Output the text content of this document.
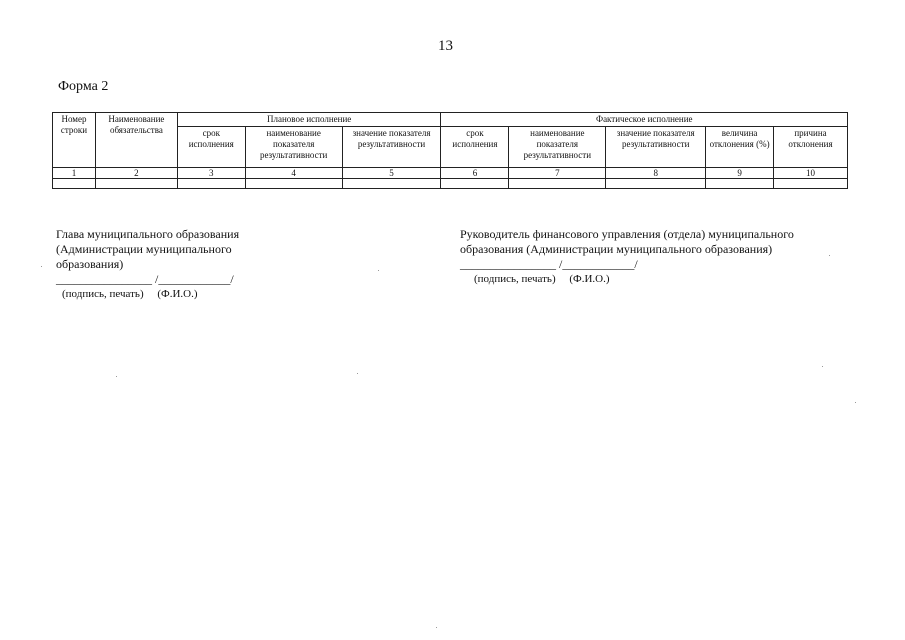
13
Форма 2
Номер строки	Наименование обязательства	Плановое исполнение			Фактическое исполнение				
		срок исполнения	наименование показателя результативности	значение показателя результативности	срок исполнения	наименование показателя результативности	значение показателя результативности	величина отклонения (%)	причина отклонения
1	2	3	4	5	6	7	8	9	10

Глава муниципального образования
(Администрации муниципального
образования)
________________ /____________/
(подпись, печать)     (Ф.И.О.)
Руководитель финансового управления (отдела) муниципального
образования (Администрации муниципального образования)
________________ /____________/
(подпись, печать)     (Ф.И.О.)
